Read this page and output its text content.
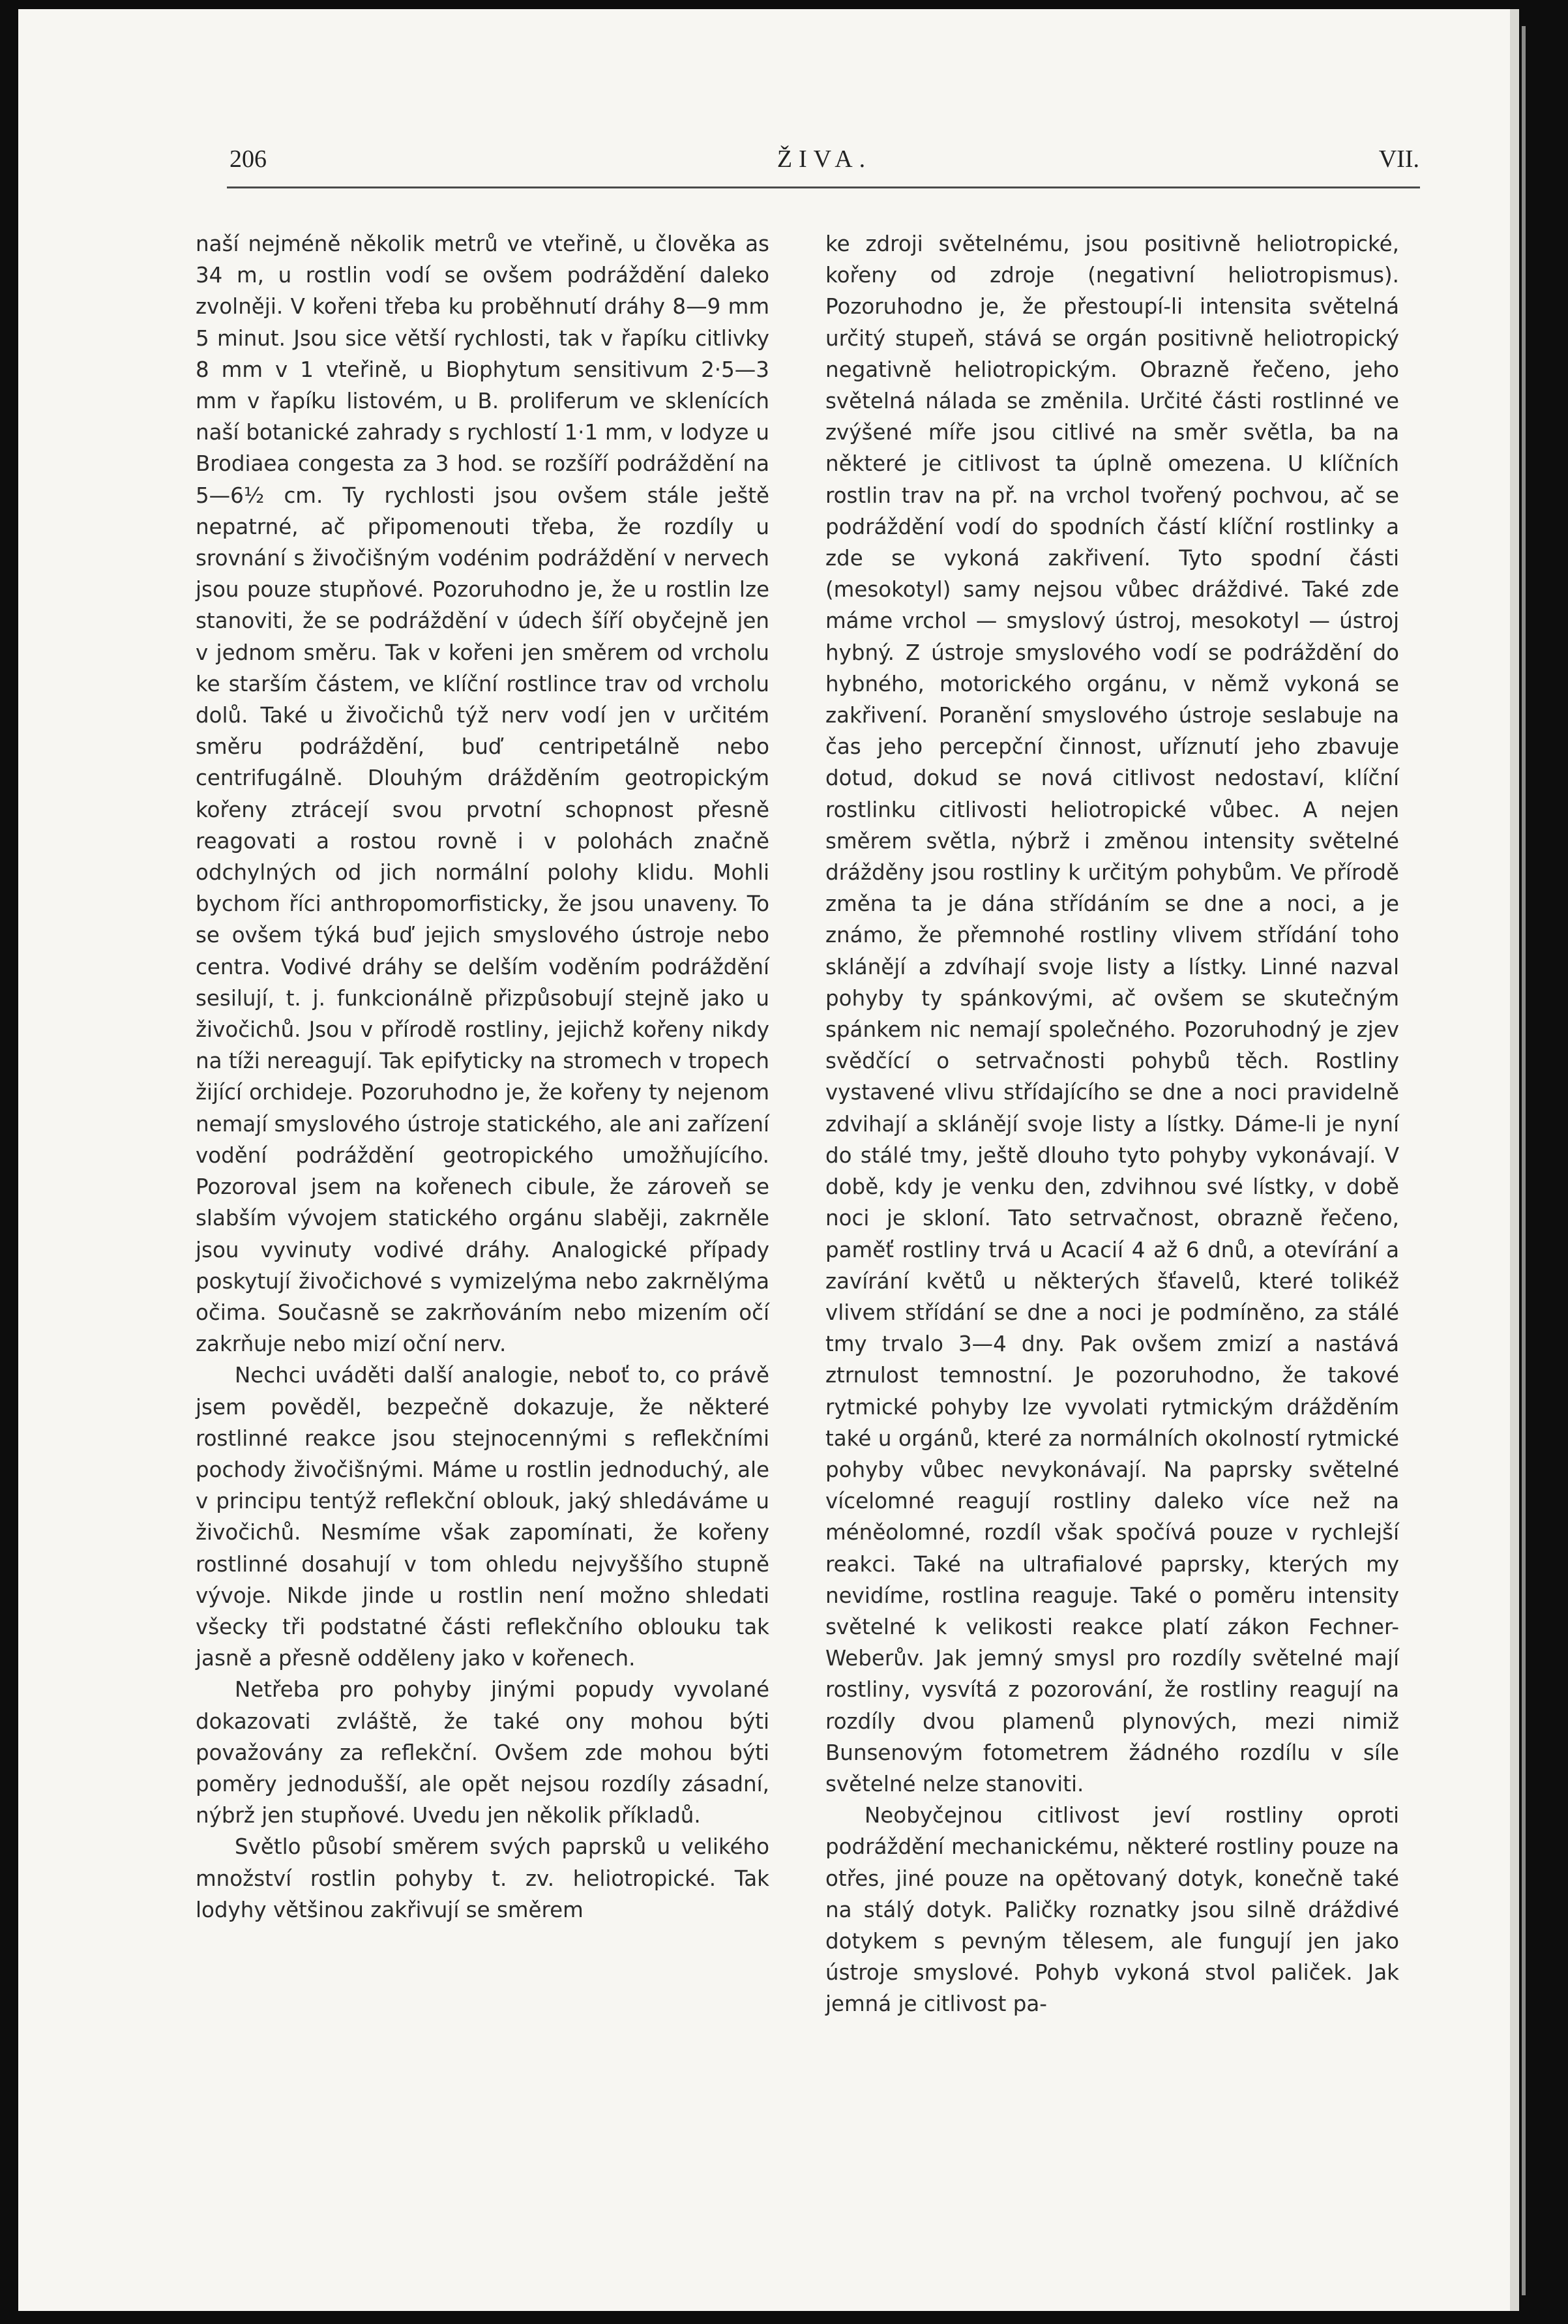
206	ŽIVA.	VII.

naší nejméně několik metrů ve vteřině, u člověka as 34 m, u rostlin vodí se ovšem podráždění daleko zvolněji. V kořeni třeba ku proběhnutí dráhy 8—9 mm 5 minut. Jsou sice větší rychlosti, tak v řapíku citlivky 8 mm v 1 vteřině, u Biophytum sensitivum 2·5—3 mm v řapíku listovém, u B. proliferum ve sklenících naší botanické zahrady s rychlostí 1·1 mm, v lodyze u Brodiaea congesta za 3 hod. se rozšíří podráždění na 5—6½ cm. Ty rychlosti jsou ovšem stále ještě nepatrné, ač připomenouti třeba, že rozdíly u srovnání s živočišným vodénim podráždění v nervech jsou pouze stupňové. Pozoruhodno je, že u rostlin lze stanoviti, že se podráždění v údech šíří obyčejně jen v jednom směru. Tak v kořeni jen směrem od vrcholu ke starším částem, ve klíční rostlince trav od vrcholu dolů. Také u živočichů týž nerv vodí jen v určitém směru podráždění, buď centripetálně nebo centrifugálně. Dlouhým drážděním geotropickým kořeny ztrácejí svou prvotní schopnost přesně reagovati a rostou rovně i v polohách značně odchylných od jich normální polohy klidu. Mohli bychom říci anthropomorfisticky, že jsou unaveny. To se ovšem týká buď jejich smyslového ústroje nebo centra. Vodivé dráhy se delším voděním podráždění sesilují, t. j. funkcionálně přizpůsobují stejně jako u živočichů. Jsou v přírodě rostliny, jejichž kořeny nikdy na tíži nereagují. Tak epifyticky na stromech v tropech žijící orchideje. Pozoruhodno je, že kořeny ty nejenom nemají smyslového ústroje statického, ale ani zařízení vodění podráždění geotropického umožňujícího. Pozoroval jsem na kořenech cibule, že zároveň se slabším vývojem statického orgánu slaběji, zakrněle jsou vyvinuty vodivé dráhy. Analogické případy poskytují živočichové s vymizelýma nebo zakrnělýma očima. Současně se zakrňováním nebo mizením očí zakrňuje nebo mizí oční nerv.

Nechci uváděti další analogie, neboť to, co právě jsem pověděl, bezpečně dokazuje, že některé rostlinné reakce jsou stejnocennými s reflekčními pochody živočišnými. Máme u rostlin jednoduchý, ale v principu tentýž reflekční oblouk, jaký shledáváme u živočichů. Nesmíme však zapomínati, že kořeny rostlinné dosahují v tom ohledu nejvyššího stupně vývoje. Nikde jinde u rostlin není možno shledati všecky tři podstatné části reflekčního oblouku tak jasně a přesně odděleny jako v kořenech.

Netřeba pro pohyby jinými popudy vyvolané dokazovati zvláště, že také ony mohou býti považovány za reflekční. Ovšem zde mohou býti poměry jednodušší, ale opět nejsou rozdíly zásadní, nýbrž jen stupňové. Uvedu jen několik příkladů.

Světlo působí směrem svých paprsků u velikého množství rostlin pohyby t. zv. heliotropické. Tak lodyhy většinou zakřivují se směrem

ke zdroji světelnému, jsou positivně heliotropické, kořeny od zdroje (negativní heliotropismus). Pozoruhodno je, že přestoupí-li intensita světelná určitý stupeň, stává se orgán positivně heliotropický negativně heliotropickým. Obrazně řečeno, jeho světelná nálada se změnila. Určité části rostlinné ve zvýšené míře jsou citlivé na směr světla, ba na některé je citlivost ta úplně omezena. U klíčních rostlin trav na př. na vrchol tvořený pochvou, ač se podráždění vodí do spodních částí klíční rostlinky a zde se vykoná zakřivení. Tyto spodní části (mesokotyl) samy nejsou vůbec dráždivé. Také zde máme vrchol — smyslový ústroj, mesokotyl — ústroj hybný. Z ústroje smyslového vodí se podráždění do hybného, motorického orgánu, v němž vykoná se zakřivení. Poranění smyslového ústroje seslabuje na čas jeho percepční činnost, uříznutí jeho zbavuje dotud, dokud se nová citlivost nedostaví, klíční rostlinku citlivosti heliotropické vůbec. A nejen směrem světla, nýbrž i změnou intensity světelné drážděny jsou rostliny k určitým pohybům. Ve přírodě změna ta je dána střídáním se dne a noci, a je známo, že přemnohé rostliny vlivem střídání toho sklánějí a zdvíhají svoje listy a lístky. Linné nazval pohyby ty spánkovými, ač ovšem se skutečným spánkem nic nemají společného. Pozoruhodný je zjev svědčící o setrvačnosti pohybů těch. Rostliny vystavené vlivu střídajícího se dne a noci pravidelně zdvihají a sklánějí svoje listy a lístky. Dáme-li je nyní do stálé tmy, ještě dlouho tyto pohyby vykonávají. V době, kdy je venku den, zdvihnou své lístky, v době noci je skloní. Tato setrvačnost, obrazně řečeno, paměť rostliny trvá u Acacií 4 až 6 dnů, a otevírání a zavírání květů u některých šťavelů, které tolikéž vlivem střídání se dne a noci je podmíněno, za stálé tmy trvalo 3—4 dny. Pak ovšem zmizí a nastává ztrnulost temnostní. Je pozoruhodno, že takové rytmické pohyby lze vyvolati rytmickým drážděním také u orgánů, které za normálních okolností rytmické pohyby vůbec nevykonávají. Na paprsky světelné vícelomné reagují rostliny daleko více než na méněolomné, rozdíl však spočívá pouze v rychlejší reakci. Také na ultrafialové paprsky, kterých my nevidíme, rostlina reaguje. Také o poměru intensity světelné k velikosti reakce platí zákon Fechner-Weberův. Jak jemný smysl pro rozdíly světelné mají rostliny, vysvítá z pozorování, že rostliny reagují na rozdíly dvou plamenů plynových, mezi nimiž Bunsenovým fotometrem žádného rozdílu v síle světelné nelze stanoviti.

Neobyčejnou citlivost jeví rostliny oproti podráždění mechanickému, některé rostliny pouze na otřes, jiné pouze na opětovaný dotyk, konečně také na stálý dotyk. Paličky roznatky jsou silně dráždivé dotykem s pevným tělesem, ale fungují jen jako ústroje smyslové. Pohyb vykoná stvol paliček. Jak jemná je citlivost pa-
